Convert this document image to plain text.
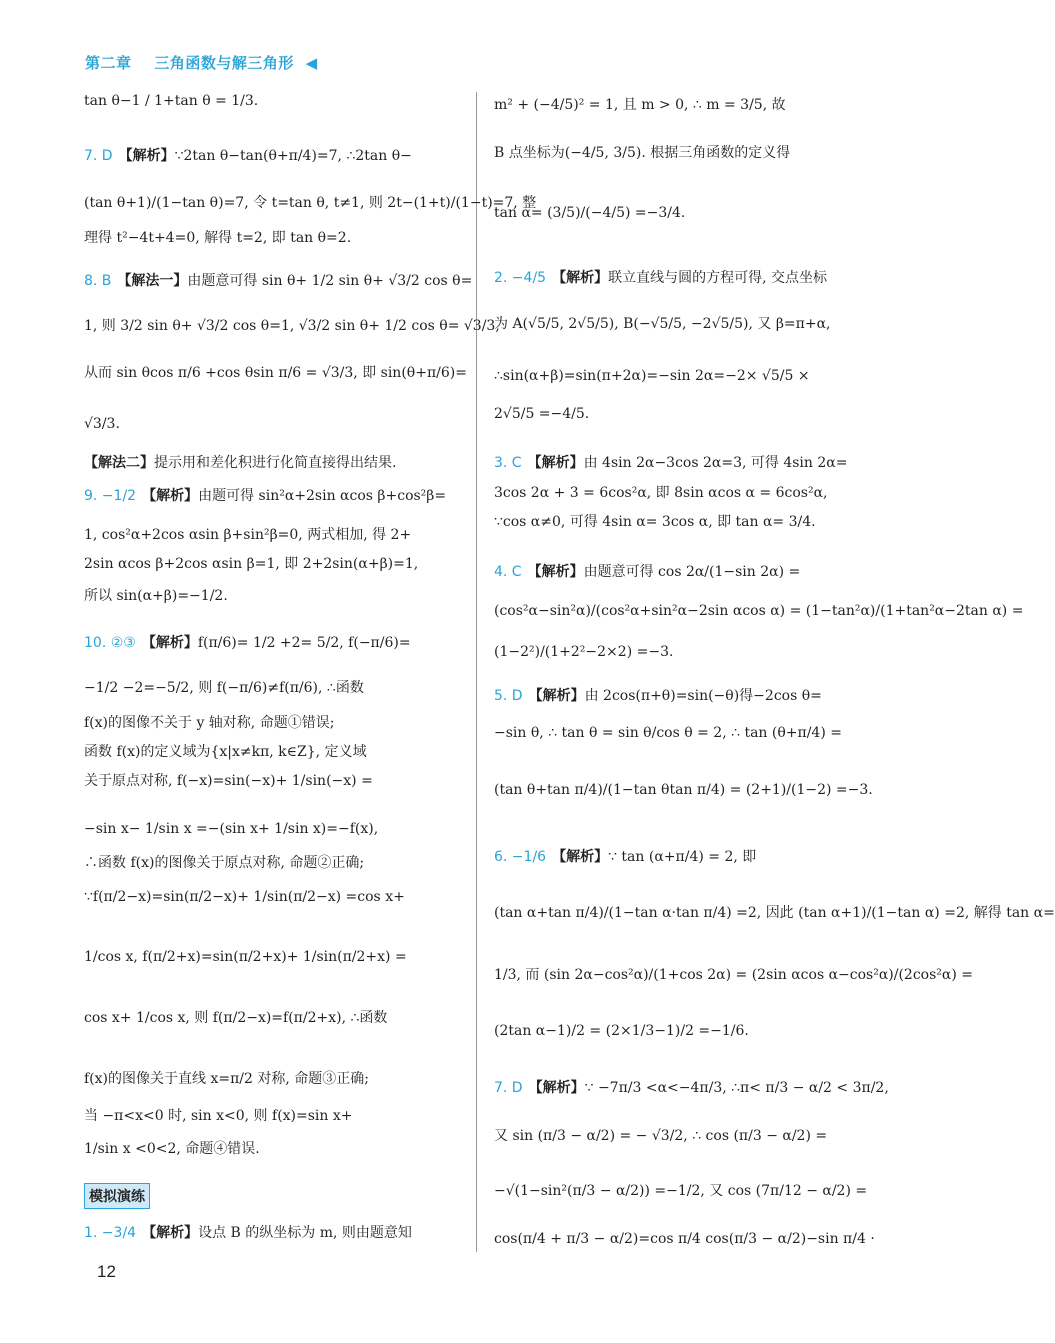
第二章 三角函数与解三角形 ◀
tan θ−1 / 1+tan θ = 1/3.
7. D 【解析】∵2tan θ−tan(θ+π/4)=7, ∴2tan θ−
(tan θ+1)/(1−tan θ)=7, 令 t=tan θ, t≠1, 则 2t−(1+t)/(1−t)=7, 整
理得 t²−4t+4=0, 解得 t=2, 即 tan θ=2.
8. B 【解法一】由题意可得 sin θ+ 1/2 sin θ+ √3/2 cos θ=
1, 则 3/2 sin θ+ √3/2 cos θ=1, √3/2 sin θ+ 1/2 cos θ= √3/3,
从而 sin θcos π/6 +cos θsin π/6 = √3/3, 即 sin(θ+π/6)=
√3/3.
【解法二】提示用和差化积进行化简直接得出结果.
9. −1/2 【解析】由题可得 sin²α+2sin αcos β+cos²β=
1, cos²α+2cos αsin β+sin²β=0, 两式相加, 得 2+
2sin αcos β+2cos αsin β=1, 即 2+2sin(α+β)=1,
所以 sin(α+β)=−1/2.
10. ②③ 【解析】f(π/6)= 1/2 +2= 5/2, f(−π/6)=
−1/2 −2=−5/2, 则 f(−π/6)≠f(π/6), ∴函数
f(x)的图像不关于 y 轴对称, 命题①错误;
函数 f(x)的定义域为{x|x≠kπ, k∈Z}, 定义域
关于原点对称, f(−x)=sin(−x)+ 1/sin(−x) =
−sin x− 1/sin x =−(sin x+ 1/sin x)=−f(x),
∴函数 f(x)的图像关于原点对称, 命题②正确;
∵f(π/2−x)=sin(π/2−x)+ 1/sin(π/2−x) =cos x+
1/cos x, f(π/2+x)=sin(π/2+x)+ 1/sin(π/2+x) =
cos x+ 1/cos x, 则 f(π/2−x)=f(π/2+x), ∴函数
f(x)的图像关于直线 x=π/2 对称, 命题③正确;
当 −π<x<0 时, sin x<0, 则 f(x)=sin x+
1/sin x <0<2, 命题④错误.
1. −3/4 【解析】设点 B 的纵坐标为 m, 则由题意知
m² + (−4/5)² = 1, 且 m > 0, ∴ m = 3/5, 故
B 点坐标为(−4/5, 3/5). 根据三角函数的定义得
tan α= (3/5)/(−4/5) =−3/4.
2. −4/5 【解析】联立直线与圆的方程可得, 交点坐标
为 A(√5/5, 2√5/5), B(−√5/5, −2√5/5), 又 β=π+α,
∴sin(α+β)=sin(π+2α)=−sin 2α=−2× √5/5 ×
2√5/5 =−4/5.
3. C 【解析】由 4sin 2α−3cos 2α=3, 可得 4sin 2α=
3cos 2α + 3 = 6cos²α, 即 8sin αcos α = 6cos²α,
∵cos α≠0, 可得 4sin α= 3cos α, 即 tan α= 3/4.
4. C 【解析】由题意可得 cos 2α/(1−sin 2α) =
(cos²α−sin²α)/(cos²α+sin²α−2sin αcos α) = (1−tan²α)/(1+tan²α−2tan α) =
(1−2²)/(1+2²−2×2) =−3.
5. D 【解析】由 2cos(π+θ)=sin(−θ)得−2cos θ=
−sin θ, ∴ tan θ = sin θ/cos θ = 2, ∴ tan (θ+π/4) =
(tan θ+tan π/4)/(1−tan θtan π/4) = (2+1)/(1−2) =−3.
6. −1/6 【解析】∵ tan (α+π/4) = 2, 即
(tan α+tan π/4)/(1−tan α·tan π/4) =2, 因此 (tan α+1)/(1−tan α) =2, 解得 tan α=
1/3, 而 (sin 2α−cos²α)/(1+cos 2α) = (2sin αcos α−cos²α)/(2cos²α) =
(2tan α−1)/2 = (2×1/3−1)/2 =−1/6.
7. D 【解析】∵ −7π/3 <α<−4π/3, ∴π< π/3 − α/2 < 3π/2,
又 sin (π/3 − α/2) = − √3/2, ∴ cos (π/3 − α/2) =
−√(1−sin²(π/3 − α/2)) =−1/2, 又 cos (7π/12 − α/2) =
cos(π/4 + π/3 − α/2)=cos π/4 cos(π/3 − α/2)−sin π/4 ·
模拟演练
12
